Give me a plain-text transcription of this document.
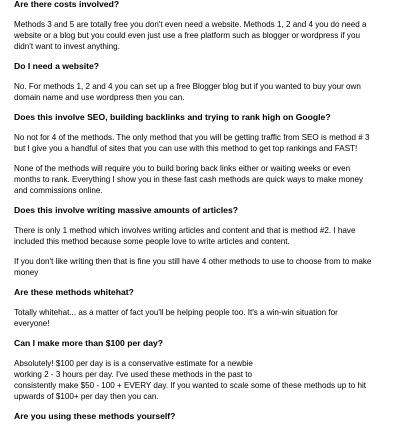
Are there costs involved?
Methods 3 and 5 are totally free you don't even need a website. Methods 1, 2 and 4 you do need a
website or a blog but you could even just use a free platform such as blogger or wordpress if you
didn't want to invest anything.
Do I need a website?
No. For methods 1, 2 and 4 you can set up a free Blogger blog but if you wanted to buy your own
domain name and use wordpress then you can.
Does this involve SEO, building backlinks and trying to rank high on Google?
No not for 4 of the methods. The only method that you will be getting traffic from SEO is method # 3
but I give you a handful of sites that you can use with this method to get top rankings and FAST!
None of the methods will require you to build boring back links either or waiting weeks or even
months to rank. Everything I show you in these fast cash methods are quick ways to make money
and commissions online.
Does this involve writing massive amounts of articles?
There is only 1 method which involves writing articles and content and that is method #2. I have
included this method because some people love to write articles and content.
If you don't like writing then that is fine you still have 4 other methods to use to choose from to make
money
Are these methods whitehat?
Totally whitehat... as a matter of fact you'll be helping people too. It's a win-win situation for
everyone!
Can I make more than $100 per day?
Absolutely! $100 per day is is a conservative estimate for a newbie
working 2 - 3 hours per day. I've used these methods in the past to
consistently make $50 - 100 + EVERY day. If you wanted to scale some of these methods up to hit
upwards of $100+ per day then you can.
Are you using these methods yourself?
